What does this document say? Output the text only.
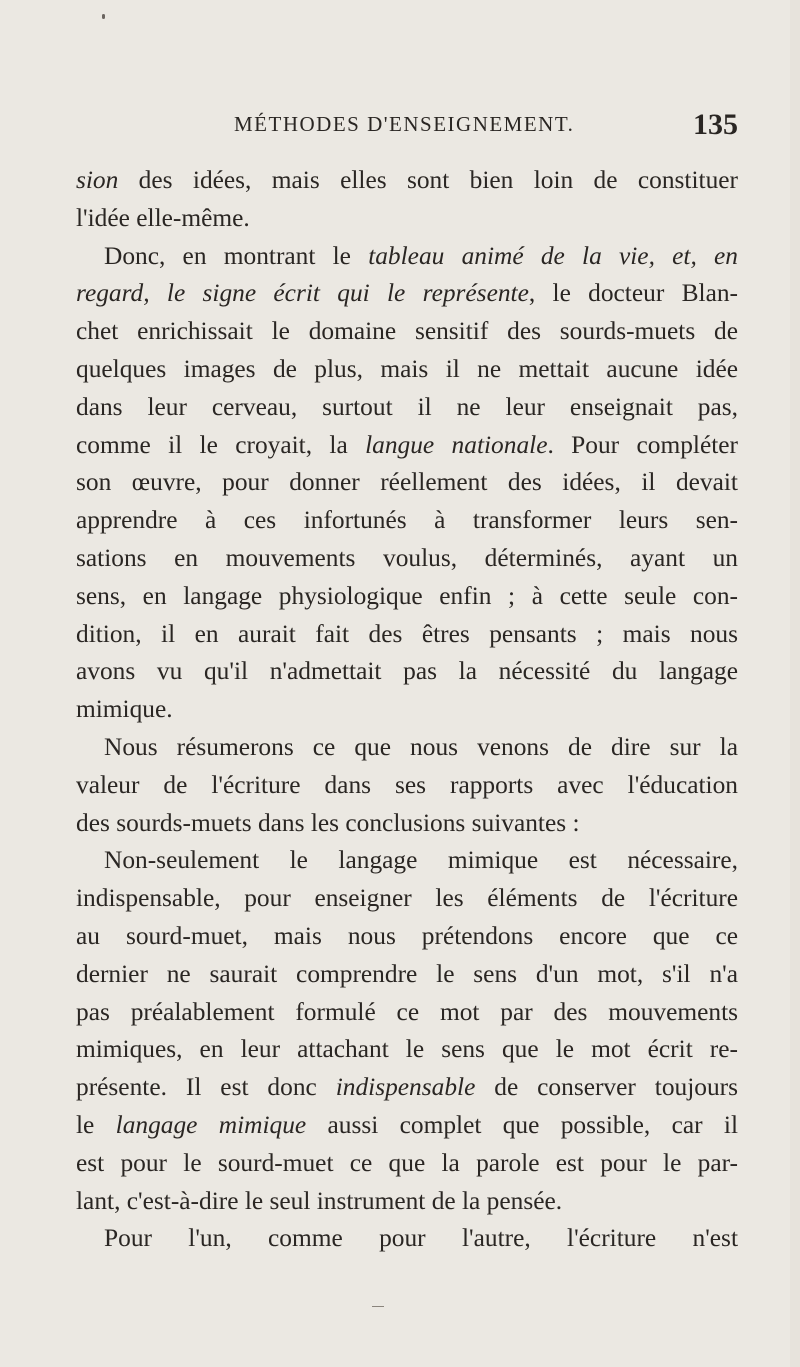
MÉTHODES D'ENSEIGNEMENT.	135
sion des idées, mais elles sont bien loin de constituer
l'idée elle-même.
Donc, en montrant le tableau animé de la vie, et, en
regard, le signe écrit qui le représente, le docteur Blan-
chet enrichissait le domaine sensitif des sourds-muets de
quelques images de plus, mais il ne mettait aucune idée
dans leur cerveau, surtout il ne leur enseignait pas,
comme il le croyait, la langue nationale. Pour compléter
son œuvre, pour donner réellement des idées, il devait
apprendre à ces infortunés à transformer leurs sen-
sations en mouvements voulus, déterminés, ayant un
sens, en langage physiologique enfin ; à cette seule con-
dition, il en aurait fait des êtres pensants ; mais nous
avons vu qu'il n'admettait pas la nécessité du langage
mimique.
Nous résumerons ce que nous venons de dire sur la
valeur de l'écriture dans ses rapports avec l'éducation
des sourds-muets dans les conclusions suivantes :
Non-seulement le langage mimique est nécessaire,
indispensable, pour enseigner les éléments de l'écriture
au sourd-muet, mais nous prétendons encore que ce
dernier ne saurait comprendre le sens d'un mot, s'il n'a
pas préalablement formulé ce mot par des mouvements
mimiques, en leur attachant le sens que le mot écrit re-
présente. Il est donc indispensable de conserver toujours
le langage mimique aussi complet que possible, car il
est pour le sourd-muet ce que la parole est pour le par-
lant, c'est-à-dire le seul instrument de la pensée.
Pour l'un, comme pour l'autre, l'écriture n'est
